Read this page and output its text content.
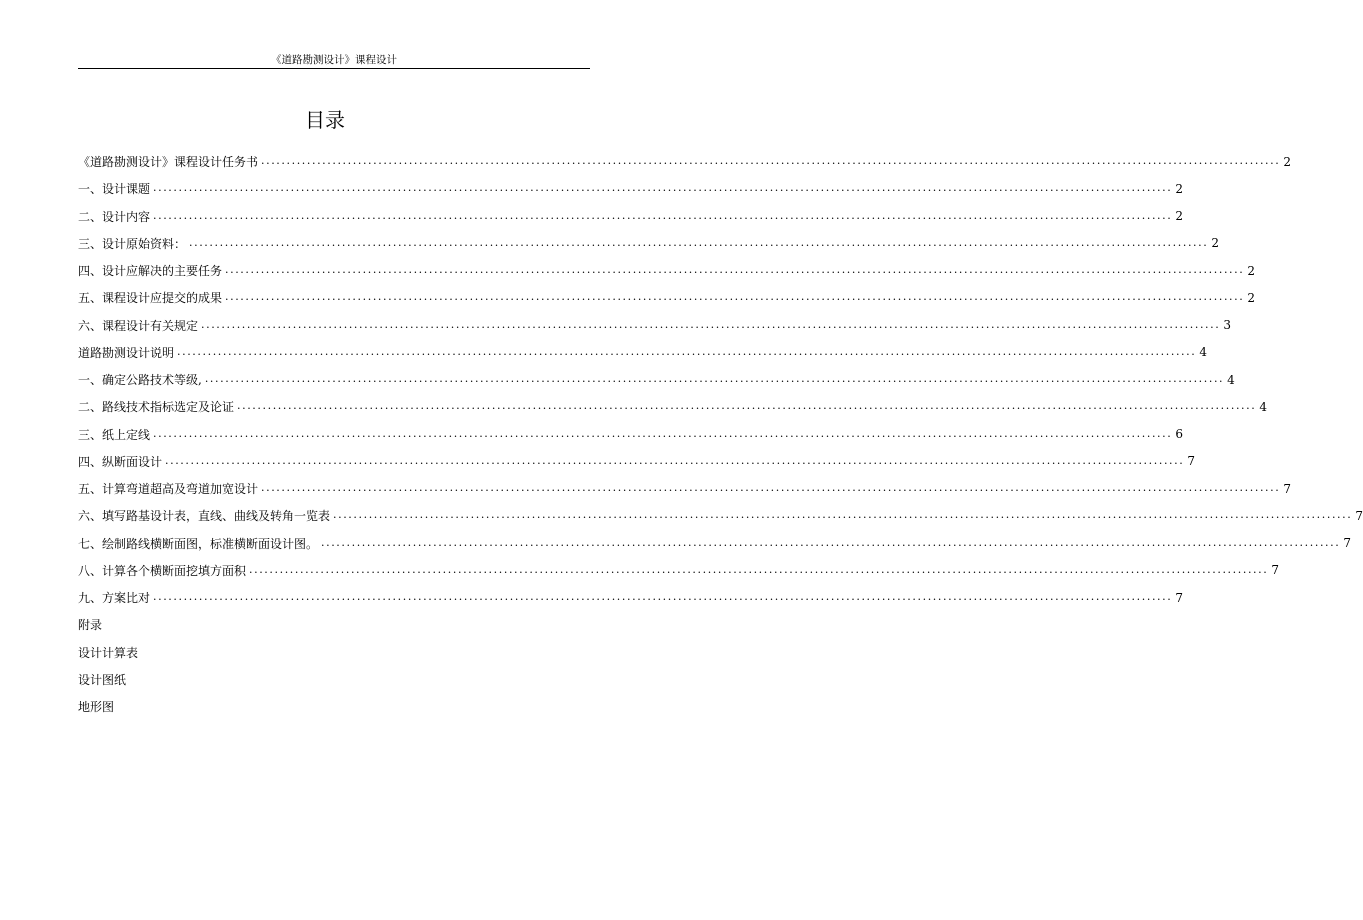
《道路勘测设计》课程设计
目录
《道路勘测设计》课程设计任务书 ........................................................................................................................................................................................................ 2
一、设计课题 ........................................................................................................................................................................................................ 2
二、设计内容 ........................................................................................................................................................................................................ 2
三、设计原始资料： ........................................................................................................................................................................................................ 2
四、设计应解决的主要任务 ........................................................................................................................................................................................................ 2
五、课程设计应提交的成果 ........................................................................................................................................................................................................ 2
六、课程设计有关规定 ........................................................................................................................................................................................................ 3
道路勘测设计说明 ........................................................................................................................................................................................................ 4
一、确定公路技术等级, ........................................................................................................................................................................................................ 4
二、路线技术指标选定及论证 ........................................................................................................................................................................................................ 4
三、纸上定线 ........................................................................................................................................................................................................ 6
四、纵断面设计 ........................................................................................................................................................................................................ 7
五、计算弯道超高及弯道加宽设计 ........................................................................................................................................................................................................ 7
六、填写路基设计表，直线、曲线及转角一览表 ........................................................................................................................................................................................................ 7
七、绘制路线横断面图，标准横断面设计图。 ........................................................................................................................................................................................................ 7
八、计算各个横断面挖填方面积 ........................................................................................................................................................................................................ 7
九、方案比对 ........................................................................................................................................................................................................ 7
附录
设计计算表
设计图纸
地形图
